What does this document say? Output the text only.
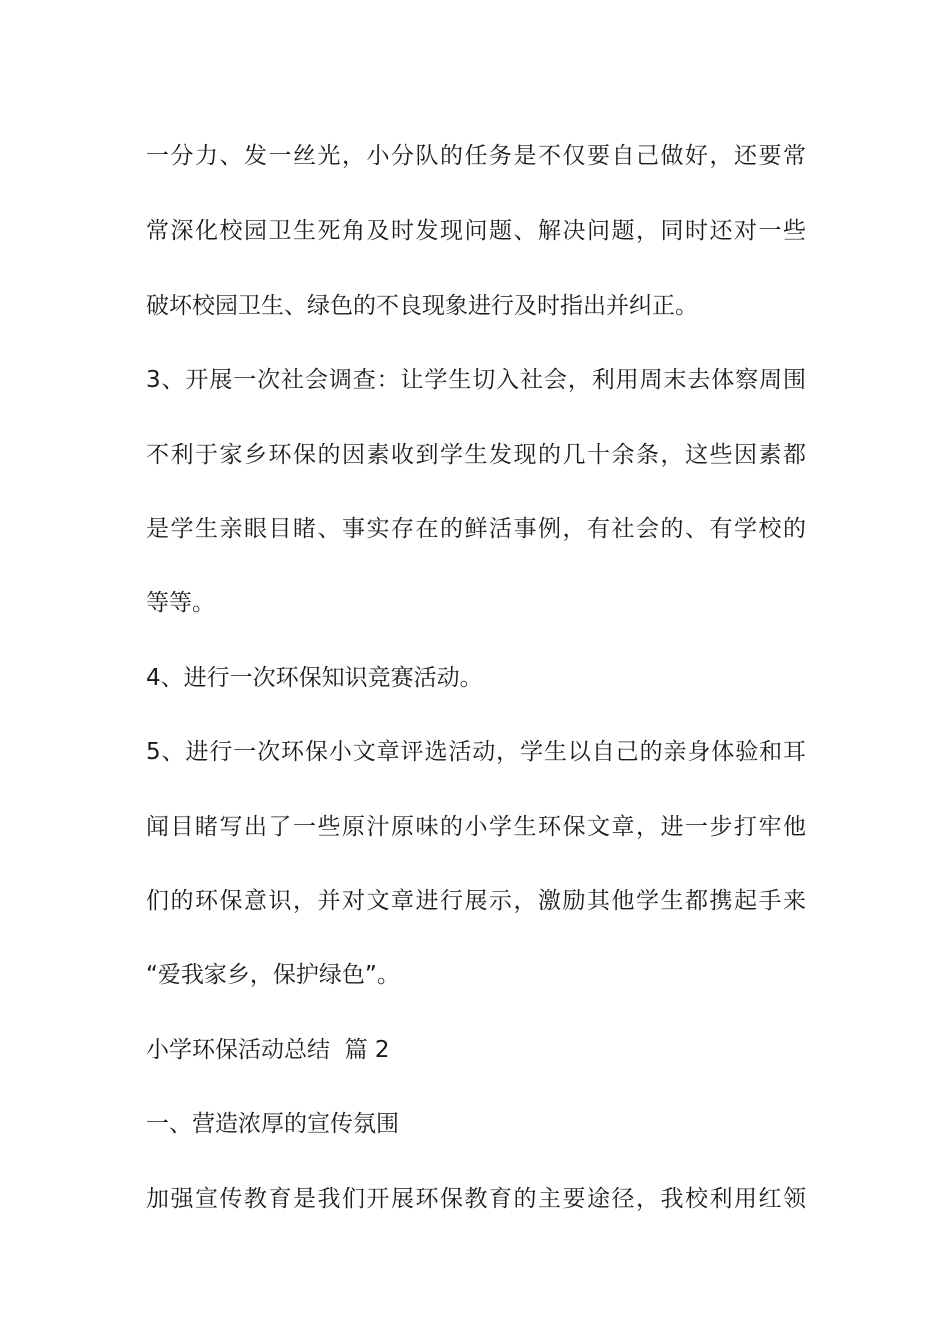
一分力、发一丝光，小分队的任务是不仅要自己做好，还要常
常深化校园卫生死角及时发现问题、解决问题，同时还对一些
破坏校园卫生、绿色的不良现象进行及时指出并纠正。
3、开展一次社会调查：让学生切入社会，利用周末去体察周围
不利于家乡环保的因素收到学生发现的几十余条，这些因素都
是学生亲眼目睹、事实存在的鲜活事例，有社会的、有学校的
等等。
4、进行一次环保知识竞赛活动。
5、进行一次环保小文章评选活动，学生以自己的亲身体验和耳
闻目睹写出了一些原汁原味的小学生环保文章，进一步打牢他
们的环保意识，并对文章进行展示，激励其他学生都携起手来
“爱我家乡，保护绿色”。
小学环保活动总结  篇 2
一、营造浓厚的宣传氛围
加强宣传教育是我们开展环保教育的主要途径，我校利用红领
